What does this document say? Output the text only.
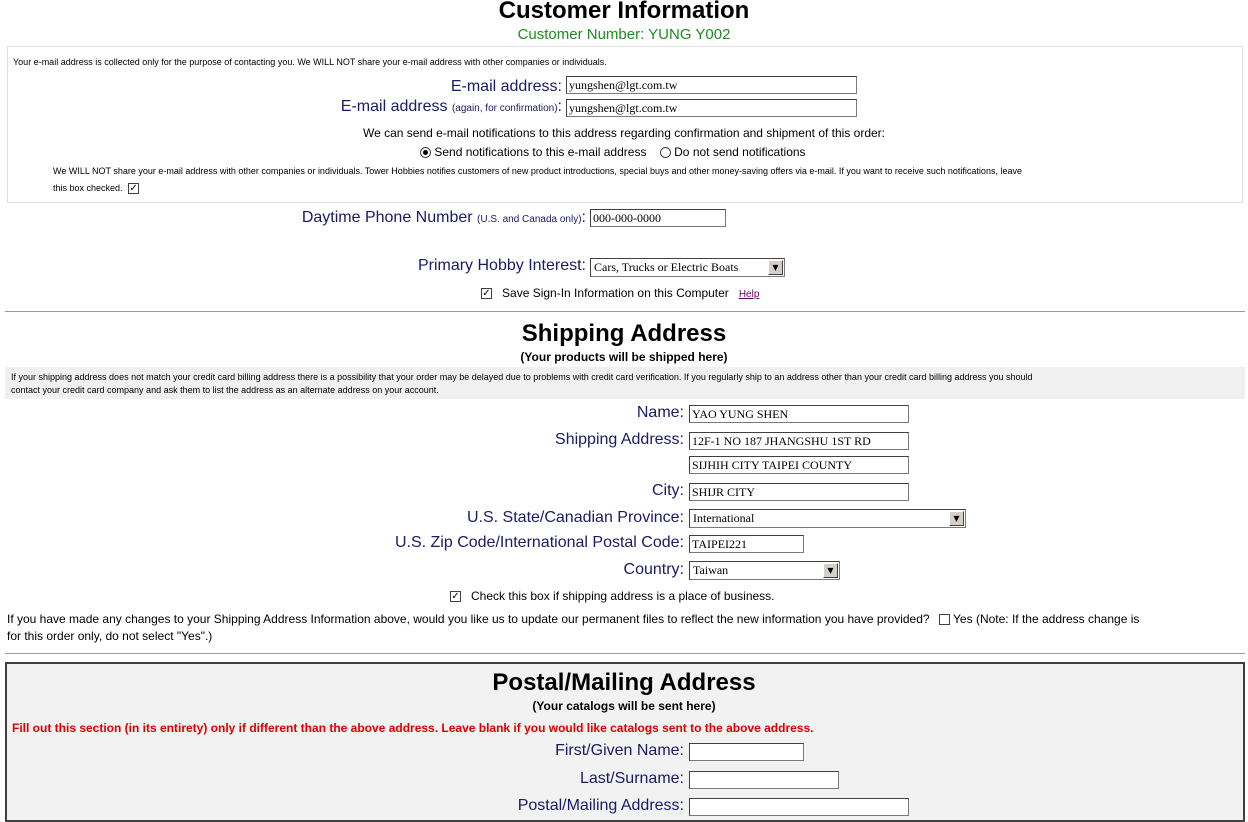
Customer Information
Customer Number: YUNG Y002
Your e-mail address is collected only for the purpose of contacting you. We WILL NOT share your e-mail address with other companies or individuals.
E-mail address: yungshen@lgt.com.tw
E-mail address (again, for confirmation): yungshen@lgt.com.tw
We can send e-mail notifications to this address regarding confirmation and shipment of this order:
Send notifications to this e-mail address Do not send notifications
We WILL NOT share your e-mail address with other companies or individuals. Tower Hobbies notifies customers of new product introductions, special buys and other money-saving offers via e-mail. If you want to receive such notifications, leave
this box checked. ✓
Daytime Phone Number (U.S. and Canada only): 000-000-0000
Primary Hobby Interest: Cars, Trucks or Electric Boats	▼
✓ Save Sign-In Information on this Computer Help
Shipping Address
(Your products will be shipped here)
If your shipping address does not match your credit card billing address there is a possibility that your order may be delayed due to problems with credit card verification. If you regularly ship to an address other than your credit card billing address you should
contact your credit card company and ask them to list the address as an alternate address on your account.
Name: YAO YUNG SHEN
Shipping Address: 12F-1 NO 187 JHANGSHU 1ST RD
SIJHIH CITY TAIPEI COUNTY
City: SHIJR CITY
U.S. State/Canadian Province: International	▼
U.S. Zip Code/International Postal Code: TAIPEI221
Country: Taiwan	▼
✓ Check this box if shipping address is a place of business.
If you have made any changes to your Shipping Address Information above, would you like us to update our permanent files to reflect the new information you have provided? Yes (Note: If the address change is
for this order only, do not select "Yes".)
Postal/Mailing Address
(Your catalogs will be sent here)
Fill out this section (in its entirety) only if different than the above address. Leave blank if you would like catalogs sent to the above address.
First/Given Name:
Last/Surname:
Postal/Mailing Address:
